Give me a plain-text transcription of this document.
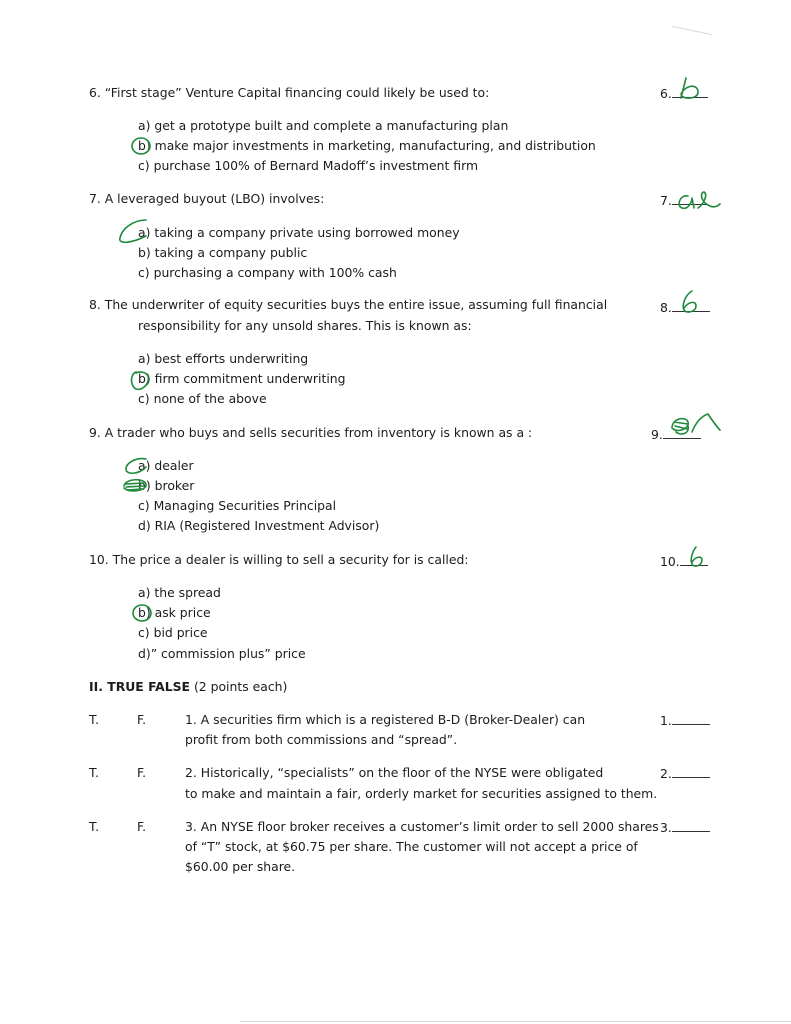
6. “First stage” Venture Capital financing could likely be used to:
a) get a prototype built and complete a manufacturing plan
b) make major investments in marketing, manufacturing, and distribution
c) purchase 100% of Bernard Madoff’s investment firm
6.
7. A leveraged buyout (LBO) involves:
a) taking a company private using borrowed money
b) taking a company public
c) purchasing a company with 100% cash
7.
8. The underwriter of equity securities buys the entire issue, assuming full financial
responsibility for any unsold shares. This is known as:
a) best efforts underwriting
b) firm commitment underwriting
c) none of the above
8.
9. A trader who buys and sells securities from inventory is known as a :
a) dealer
b) broker
c) Managing Securities Principal
d) RIA (Registered Investment Advisor)
9.
10. The price a dealer is willing to sell a security for is called:
a) the spread
b) ask price
c) bid price
d)” commission plus” price
10.
II. TRUE FALSE (2 points each)
T.	F.	1. A securities firm which is a registered B-D (Broker-Dealer) can
profit from both commissions and “spread”.
1.
T.	F.	2. Historically, “specialists” on the floor of the NYSE were obligated
to make and maintain a fair, orderly market for securities assigned to them.
2.
T.	F.	3. An NYSE floor broker receives a customer’s limit order to sell 2000 shares
of “T” stock, at $60.75 per share. The customer will not accept a price of
$60.00 per share.
3.
